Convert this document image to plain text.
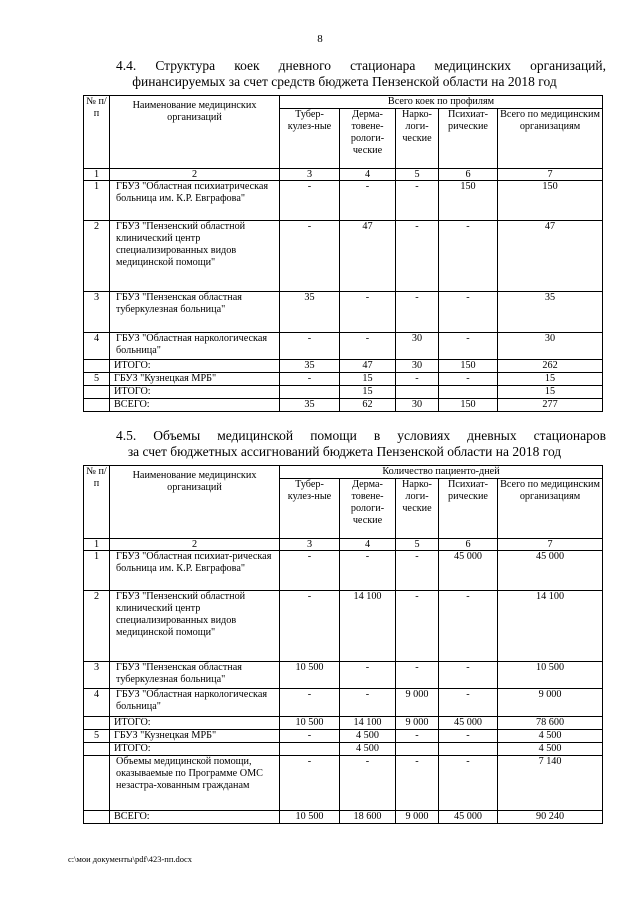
8
4.4. Структура коек дневного стационара медицинских организаций,
финансируемых за счет средств бюджета Пензенской области на 2018 год
№ п/п	Наименование медицинских организаций	Всего коек по профилям				
		Тубер-кулез-ные	Дерма-товене-рологи-ческие	Нарко-логи-ческие	Психиат-рические	Всего по медицинским организациям
1	2	3	4	5	6	7
1	ГБУЗ "Областная психиатрическая больница им. К.Р. Евграфова"	-	-	-	150	150
2	ГБУЗ "Пензенский областной клинический центр специализированных видов медицинской помощи"	-	47	-	-	47
3	ГБУЗ "Пензенская областная туберкулезная больница"	35	-	-	-	35
4	ГБУЗ "Областная наркологическая больница"	-	-	30	-	30
	ИТОГО:	35	47	30	150	262
5	ГБУЗ "Кузнецкая МРБ"	-	15	-	-	15
	ИТОГО:		15			15
	ВСЕГО:	35	62	30	150	277
4.5. Объемы медицинской помощи в условиях дневных стационаров
за счет бюджетных ассигнований бюджета Пензенской области на 2018 год
№ п/п	Наименование медицинских организаций	Количество пациенто-дней				
		Тубер-кулез-ные	Дерма-товене-рологи-ческие	Нарко-логи-ческие	Психиат-рические	Всего по медицинским организациям
1	2	3	4	5	6	7
1	ГБУЗ "Областная психиат-рическая больница им. К.Р. Евграфова"	-	-	-	45 000	45 000
2	ГБУЗ "Пензенский областной клинический центр специализированных видов медицинской помощи"	-	14 100	-	-	14 100
3	ГБУЗ "Пензенская областная туберкулезная больница"	10 500	-	-	-	10 500
4	ГБУЗ "Областная наркологическая больница"	-	-	9 000	-	9 000
	ИТОГО:	10 500	14 100	9 000	45 000	78 600
5	ГБУЗ "Кузнецкая МРБ"	-	4 500	-	-	4 500
	ИТОГО:		4 500			4 500
	Объемы медицинской помощи, оказываемые по Программе ОМС незастра-хованным гражданам	-	-	-	-	7 140
	ВСЕГО:	10 500	18 600	9 000	45 000	90 240
c:\мои документы\pdf\423-пп.docx
